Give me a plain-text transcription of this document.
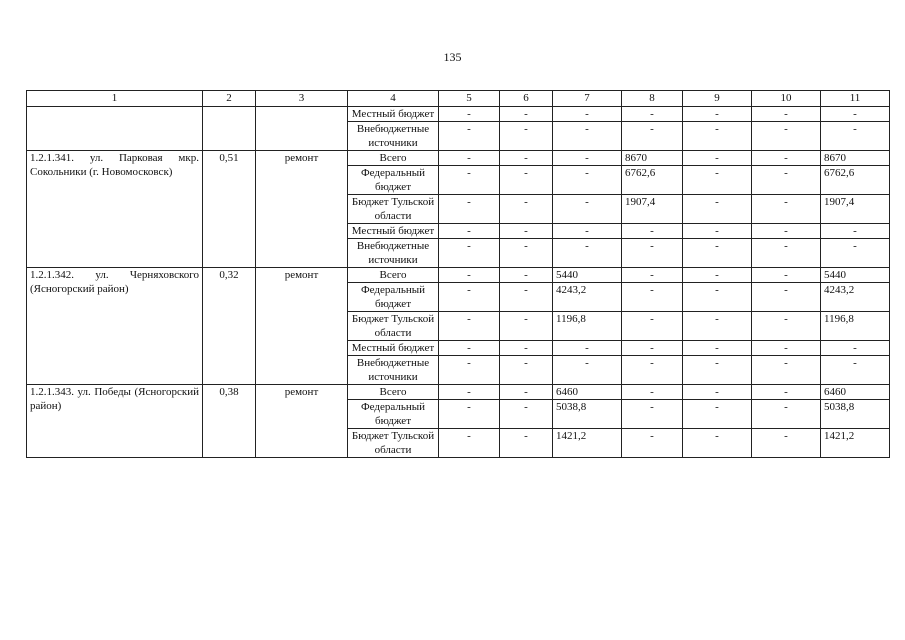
135
1	2	3	4	5	6	7	8	9	10	11
			Местный бюджет	-	-	-	-	-	-	-
			Внебюджетные источники	-	-	-	-	-	-	-
1.2.1.341. ул. Парковая мкр. Сокольники (г. Новомосковск)	0,51	ремонт	Всего	-	-	-	8670	-	-	8670
			Федеральный бюджет	-	-	-	6762,6	-	-	6762,6
			Бюджет Тульской области	-	-	-	1907,4	-	-	1907,4
			Местный бюджет	-	-	-	-	-	-	-
			Внебюджетные источники	-	-	-	-	-	-	-
1.2.1.342. ул. Черняховского (Ясногорский район)	0,32	ремонт	Всего	-	-	5440	-	-	-	5440
			Федеральный бюджет	-	-	4243,2	-	-	-	4243,2
			Бюджет Тульской области	-	-	1196,8	-	-	-	1196,8
			Местный бюджет	-	-	-	-	-	-	-
			Внебюджетные источники	-	-	-	-	-	-	-
1.2.1.343. ул. Победы (Ясногорский район)	0,38	ремонт	Всего	-	-	6460	-	-	-	6460
			Федеральный бюджет	-	-	5038,8	-	-	-	5038,8
			Бюджет Тульской области	-	-	1421,2	-	-	-	1421,2
